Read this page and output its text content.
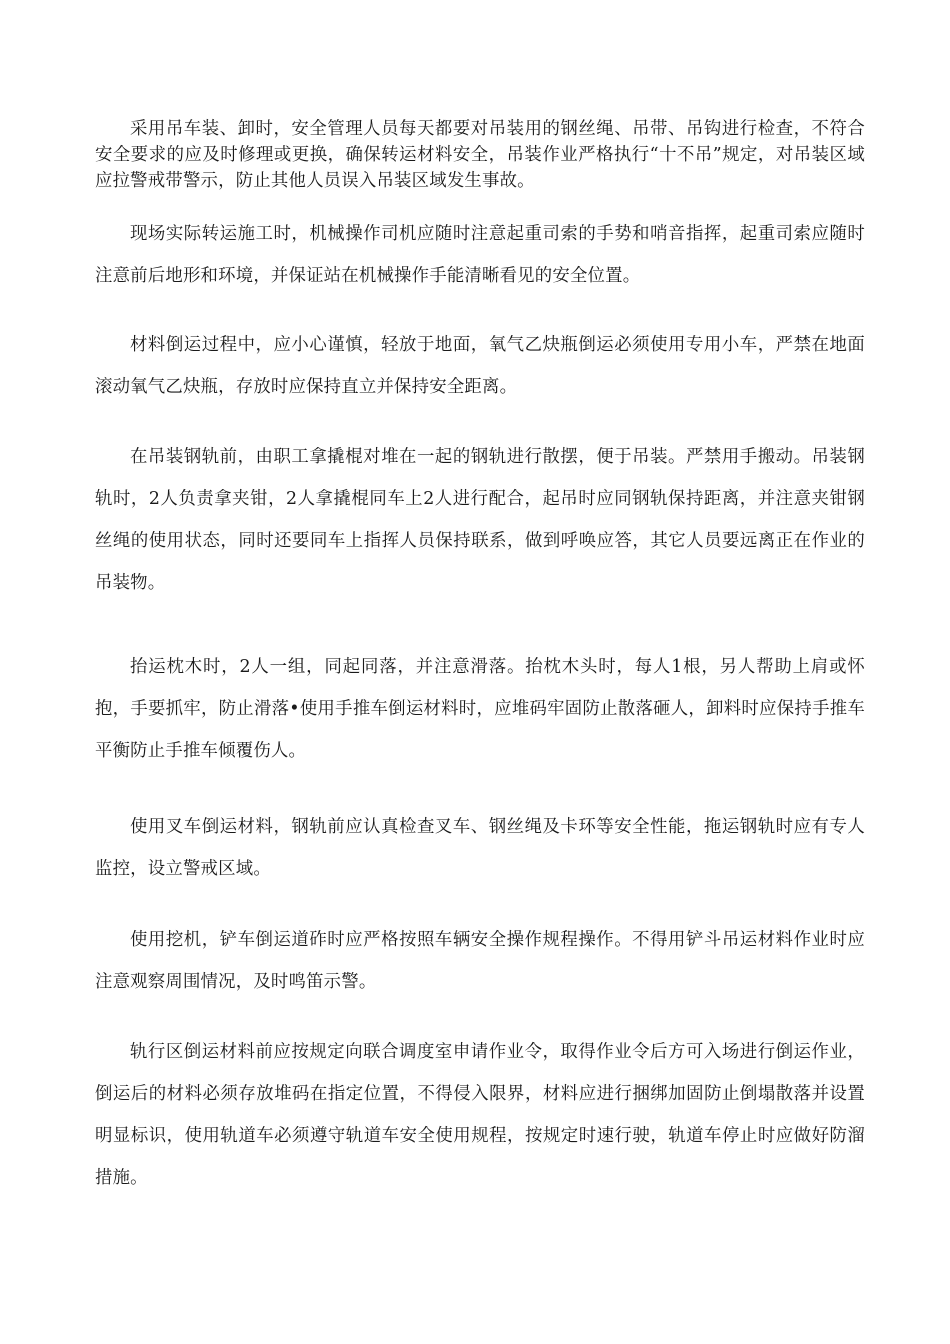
采用吊车装、卸时，安全管理人员每天都要对吊装用的钢丝绳、吊带、吊钩进行检查，不符合安全要求的应及时修理或更换，确保转运材料安全，吊装作业严格执行“十不吊”规定，对吊装区域应拉警戒带警示，防止其他人员误入吊装区域发生事故。

现场实际转运施工时，机械操作司机应随时注意起重司索的手势和哨音指挥，起重司索应随时注意前后地形和环境，并保证站在机械操作手能清晰看见的安全位置。

材料倒运过程中，应小心谨慎，轻放于地面，氧气乙炔瓶倒运必须使用专用小车，严禁在地面滚动氧气乙炔瓶，存放时应保持直立并保持安全距离。

在吊装钢轨前，由职工拿撬棍对堆在一起的钢轨进行散摆，便于吊装。严禁用手搬动。吊装钢轨时，2人负责拿夹钳，2人拿撬棍同车上2人进行配合，起吊时应同钢轨保持距离，并注意夹钳钢丝绳的使用状态，同时还要同车上指挥人员保持联系，做到呼唤应答，其它人员要远离正在作业的吊装物。

抬运枕木时，2人一组，同起同落，并注意滑落。抬枕木头时，每人1根，另人帮助上肩或怀抱，手要抓牢，防止滑落•使用手推车倒运材料时，应堆码牢固防止散落砸人，卸料时应保持手推车平衡防止手推车倾覆伤人。

使用叉车倒运材料，钢轨前应认真检查叉车、钢丝绳及卡环等安全性能，拖运钢轨时应有专人监控，设立警戒区域。

使用挖机，铲车倒运道砟时应严格按照车辆安全操作规程操作。不得用铲斗吊运材料作业时应注意观察周围情况，及时鸣笛示警。

轨行区倒运材料前应按规定向联合调度室申请作业令，取得作业令后方可入场进行倒运作业，倒运后的材料必须存放堆码在指定位置，不得侵入限界，材料应进行捆绑加固防止倒塌散落并设置明显标识，使用轨道车必须遵守轨道车安全使用规程，按规定时速行驶，轨道车停止时应做好防溜措施。
